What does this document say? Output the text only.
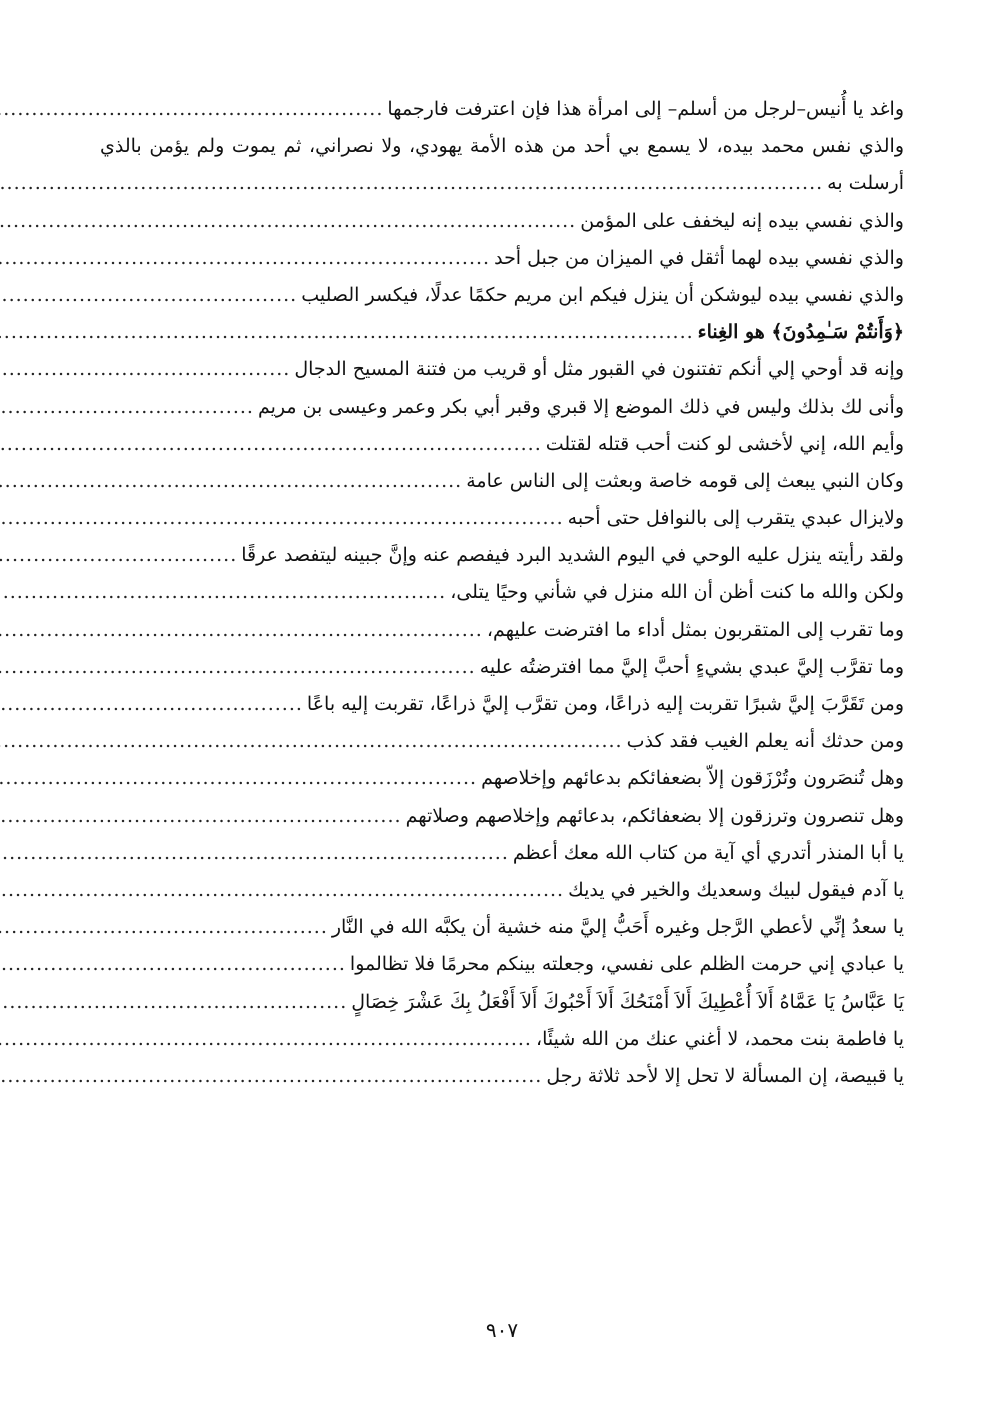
واغد يا أُنيس–لرجل من أسلم– إلى امرأة هذا فإن اعترفت فارجمها
.....
والذي نفس محمد بيده، لا يسمع بي أحد من هذه الأمة يهودي، ولا نصراني، ثم يموت ولم يؤمن بالذي
أرسلت به
.....
والذي نفسي بيده إنه ليخفف على المؤمن
.....
والذي نفسي بيده لهما أثقل في الميزان من جبل أحد
.....
والذي نفسي بيده ليوشكن أن ينزل فيكم ابن مريم حكمًا عدلًا، فيكسر الصليب
.....
﴿وَأَنتُمْ سَـٰمِدُونَ﴾ هو الغِناء
.....
وإنه قد أوحي إلي أنكم تفتنون في القبور مثل أو قريب من فتنة المسيح الدجال
.....
وأنى لك بذلك وليس في ذلك الموضع إلا قبري وقبر أبي بكر وعمر وعيسى بن مريم
.....
وأيم الله، إني لأخشى لو كنت أحب قتله لقتلت
.....
وكان النبي يبعث إلى قومه خاصة وبعثت إلى الناس عامة
.....
ولايزال عبدي يتقرب إلى بالنوافل حتى أحبه
.....
ولقد رأيته ينزل عليه الوحي في اليوم الشديد البرد فيفصم عنه وإنَّ جبينه ليتفصد عرقًا
.....
ولكن والله ما كنت أظن أن الله منزل في شأني وحيًا يتلى،
.....
وما تقرب إلى المتقربون بمثل أداء ما افترضت عليهم،
.....
وما تقرَّب إليَّ عبدي بشيءٍ أحبَّ إليَّ مما افترضتُه عليه
.....
ومن تَقَرَّبَ إليَّ شبرًا تقربت إليه ذراعًا، ومن تقرَّب إليَّ ذراعًا، تقربت إليه باعًا
.....
ومن حدثك أنه يعلم الغيب فقد كذب
.....
وهل تُنصَرون وتُرْزَقون إلاّ بضعفائكم بدعائهم وإخلاصهم
.....
وهل تنصرون وترزقون إلا بضعفائكم، بدعائهم وإخلاصهم وصلاتهم
.....
يا أبا المنذر أتدري أي آية من كتاب الله معك أعظم
.....
يا آدم فيقول لبيك وسعديك والخير في يديك
.....
يا سعدُ إنِّي لأعطي الرَّجل وغيره أَحَبُّ إليَّ منه خشية أن يكبَّه الله في النَّار
.....
يا عبادي إني حرمت الظلم على نفسي، وجعلته بينكم محرمًا فلا تظالموا
.....
يَا عَبَّاسُ يَا عَمَّاهُ أَلاَ أُعْطِيكَ أَلاَ أَمْنَحُكَ أَلاَ أَحْبُوكَ أَلاَ أَفْعَلُ بِكَ عَشْرَ خِصَالٍ
.....
يا فاطمة بنت محمد، لا أغني عنك من الله شيئًا،
.....
يا قبيصة، إن المسألة لا تحل إلا لأحد ثلاثة رجل
.....
٩٠٧
